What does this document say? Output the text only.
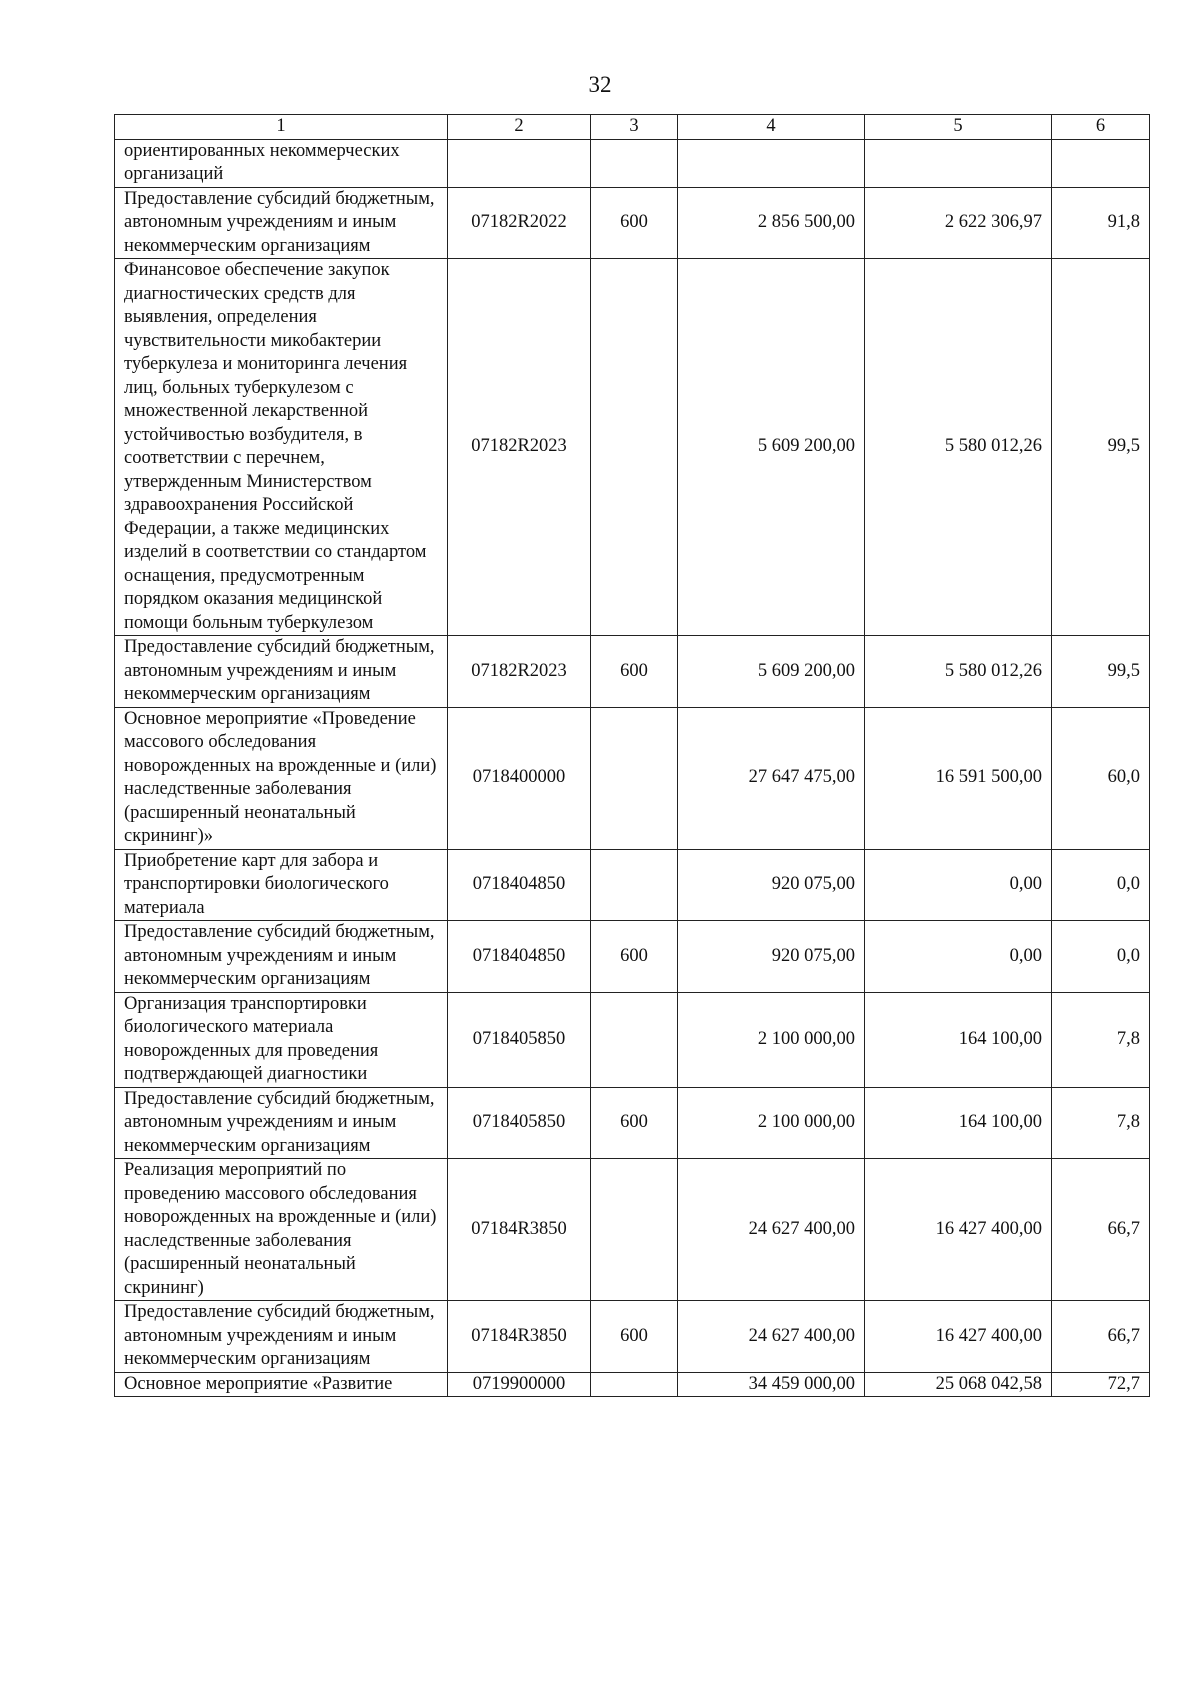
32
1	2	3	4	5	6
ориентированных некоммерческих организаций					
Предоставление субсидий бюджетным, автономным учреждениям и иным некоммерческим организациям	07182R2022	600	2 856 500,00	2 622 306,97	91,8
Финансовое обеспечение закупок диагностических средств для выявления, определения чувствительности микобактерии туберкулеза и мониторинга лечения лиц, больных туберкулезом с множественной лекарственной устойчивостью возбудителя, в соответствии с перечнем, утвержденным Министерством здравоохранения Российской Федерации, а также медицинских изделий в соответствии со стандартом оснащения, предусмотренным порядком оказания медицинской помощи больным туберкулезом	07182R2023		5 609 200,00	5 580 012,26	99,5
Предоставление субсидий бюджетным, автономным учреждениям и иным некоммерческим организациям	07182R2023	600	5 609 200,00	5 580 012,26	99,5
Основное мероприятие «Проведение массового обследования новорожденных на врожденные и (или) наследственные заболевания (расширенный неонатальный скрининг)»	0718400000		27 647 475,00	16 591 500,00	60,0
Приобретение карт для забора и транспортировки биологического материала	0718404850		920 075,00	0,00	0,0
Предоставление субсидий бюджетным, автономным учреждениям и иным некоммерческим организациям	0718404850	600	920 075,00	0,00	0,0
Организация транспортировки биологического материала новорожденных для проведения подтверждающей диагностики	0718405850		2 100 000,00	164 100,00	7,8
Предоставление субсидий бюджетным, автономным учреждениям и иным некоммерческим организациям	0718405850	600	2 100 000,00	164 100,00	7,8
Реализация мероприятий по проведению массового обследования новорожденных на врожденные и (или) наследственные заболевания (расширенный неонатальный скрининг)	07184R3850		24 627 400,00	16 427 400,00	66,7
Предоставление субсидий бюджетным, автономным учреждениям и иным некоммерческим организациям	07184R3850	600	24 627 400,00	16 427 400,00	66,7
Основное мероприятие «Развитие	0719900000		34 459 000,00	25 068 042,58	72,7
